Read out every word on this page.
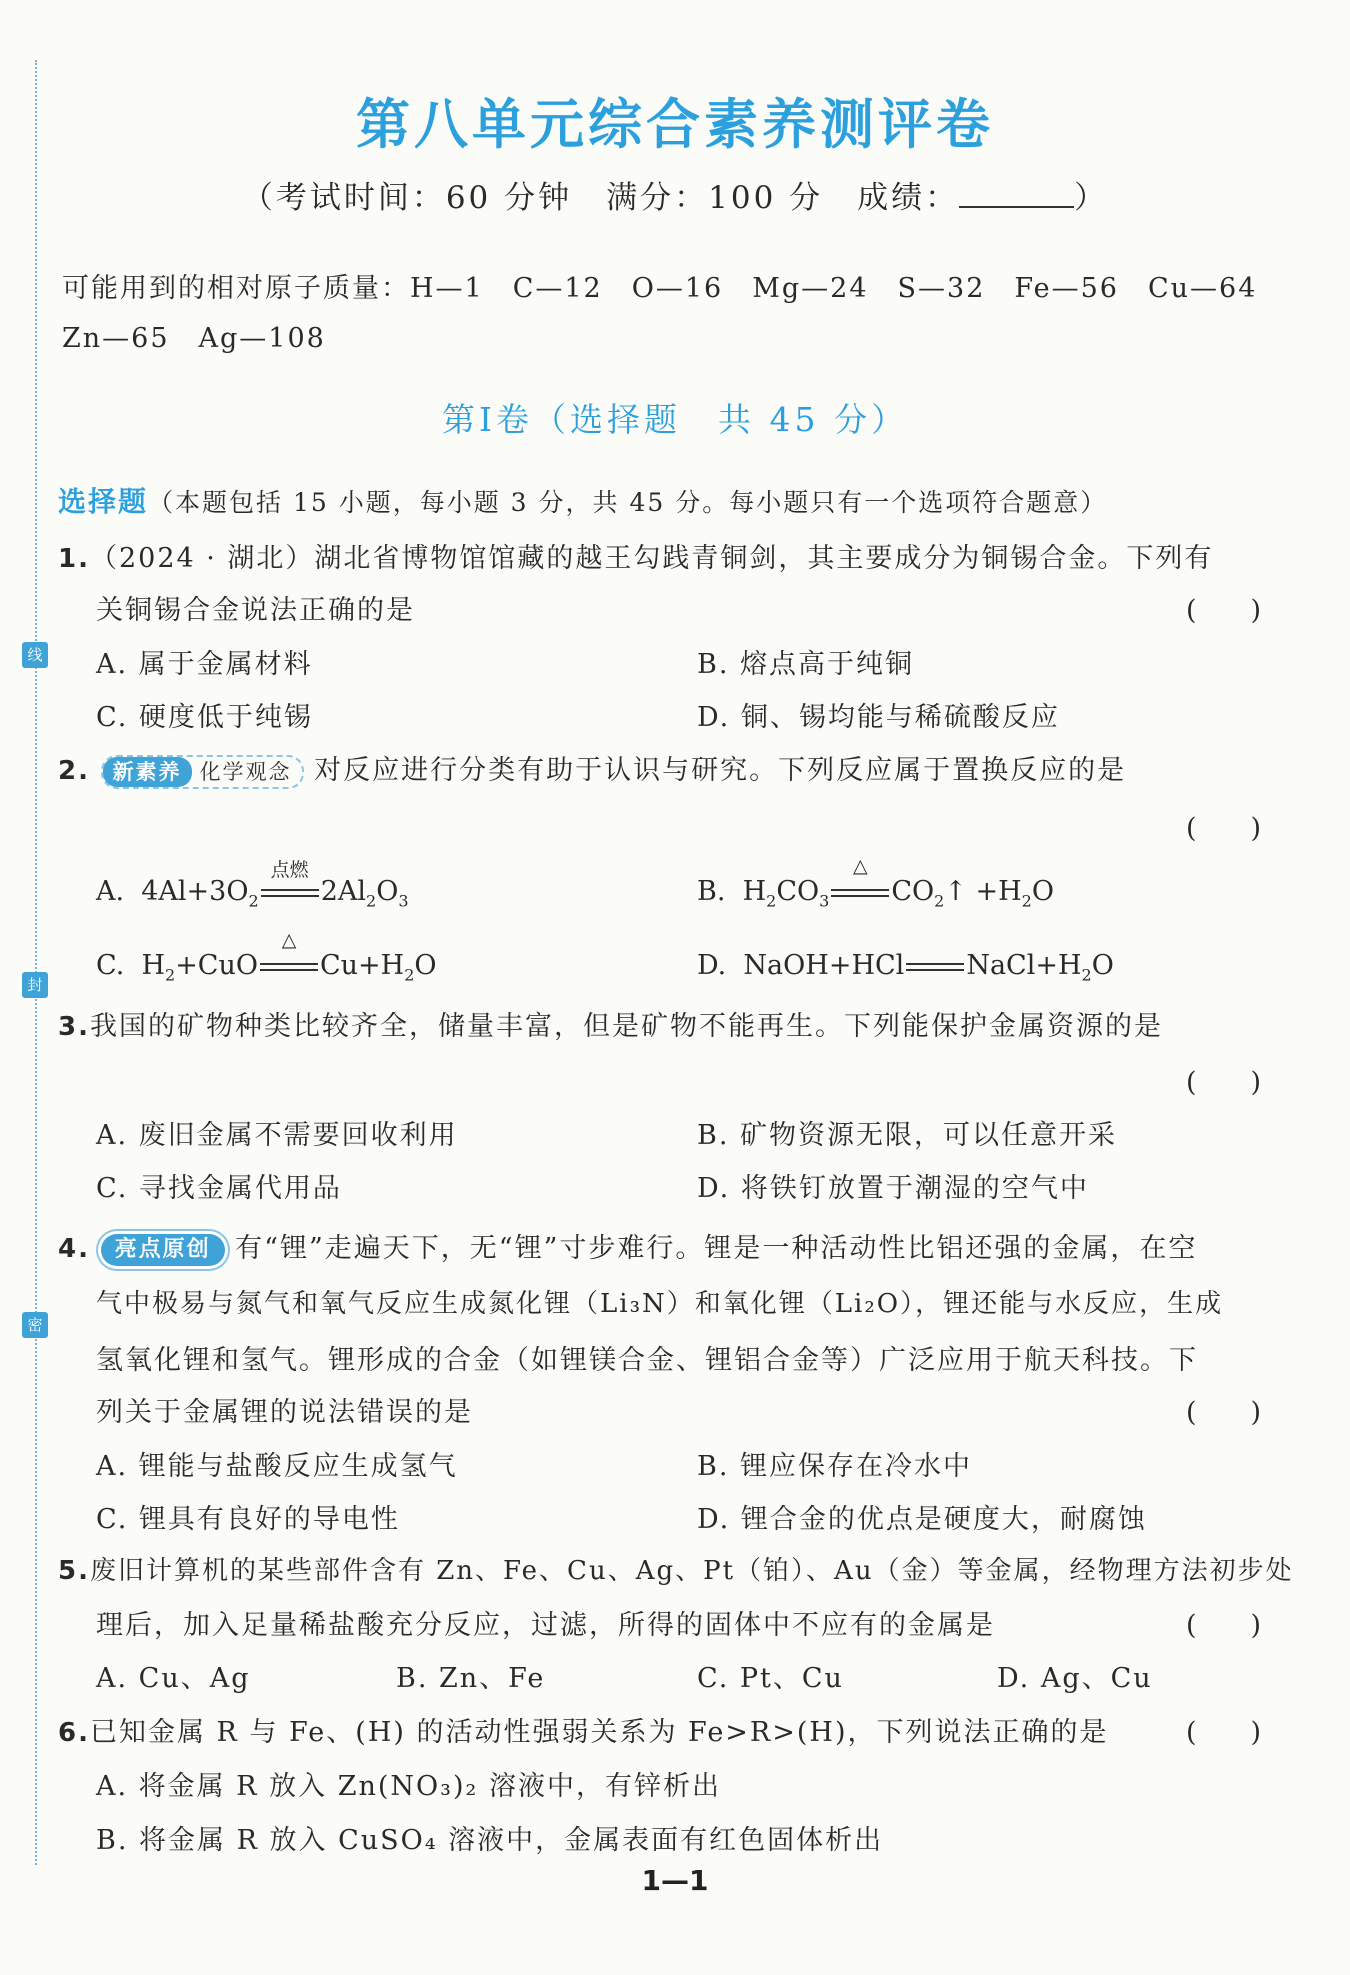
线
封
密
第八单元综合素养测评卷
（考试时间：60 分钟　满分：100 分　成绩：	）
可能用到的相对原子质量：H—1　C—12　O—16　Mg—24　S—32　Fe—56　Cu—64
Zn—65　Ag—108
第Ⅰ卷（选择题　共 45 分）
选择题（本题包括 15 小题，每小题 3 分，共 45 分。每小题只有一个选项符合题意）
1.（2024 · 湖北）湖北省博物馆馆藏的越王勾践青铜剑，其主要成分为铜锡合金。下列有
关铜锡合金说法正确的是	(　　)
A. 属于金属材料	B. 熔点高于纯铜
C. 硬度低于纯锡	D. 铜、锡均能与稀硫酸反应
2. 新素养 化学观念 对反应进行分类有助于认识与研究。下列反应属于置换反应的是
(　　)
A.  $4Al+3O_2$
点燃
$2Al_2O_3$	B.  $H_2CO_3$
△
$CO_2↑ +H_2O$
C.  $H_2+CuO$
△
$Cu+H_2O$	D.  NaOH+HCl $NaCl+H_2O$
3.我国的矿物种类比较齐全，储量丰富，但是矿物不能再生。下列能保护金属资源的是
(　　)
A. 废旧金属不需要回收利用	B. 矿物资源无限，可以任意开采
C. 寻找金属代用品	D. 将铁钉放置于潮湿的空气中
4. 亮点原创 有“锂”走遍天下，无“锂”寸步难行。锂是一种活动性比铝还强的金属，在空
气中极易与氮气和氧气反应生成氮化锂（Li₃N）和氧化锂（Li₂O），锂还能与水反应，生成
氢氧化锂和氢气。锂形成的合金（如锂镁合金、锂铝合金等）广泛应用于航天科技。下
列关于金属锂的说法错误的是	(　　)
A. 锂能与盐酸反应生成氢气	B. 锂应保存在冷水中
C. 锂具有良好的导电性	D. 锂合金的优点是硬度大，耐腐蚀
5.废旧计算机的某些部件含有 Zn、Fe、Cu、Ag、Pt（铂）、Au（金）等金属，经物理方法初步处
理后，加入足量稀盐酸充分反应，过滤，所得的固体中不应有的金属是	(　　)
A. Cu、Ag	B. Zn、Fe	C. Pt、Cu	D. Ag、Cu
6.已知金属 R 与 Fe、(H) 的活动性强弱关系为 Fe>R>(H)，下列说法正确的是	(　　)
A. 将金属 R 放入 Zn(NO₃)₂ 溶液中，有锌析出
B. 将金属 R 放入 CuSO₄ 溶液中，金属表面有红色固体析出
1—1
